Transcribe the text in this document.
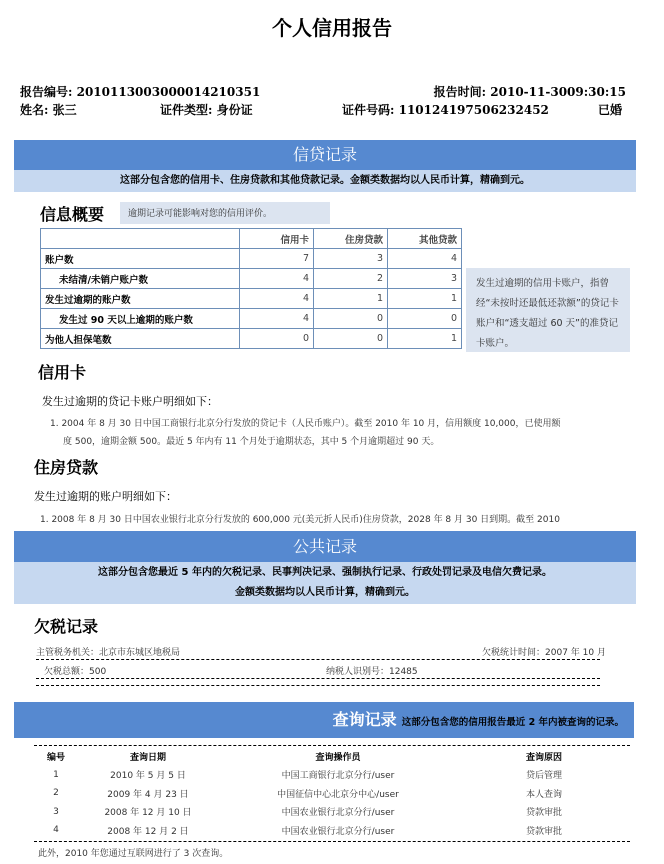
个人信用报告
报告编号: 2010113003000014210351	报告时间: 2010-11-3009:30:15
姓名: 张三	证件类型: 身份证	证件号码: 110124197506232452	已婚
信贷记录
这部分包含您的信用卡、住房贷款和其他贷款记录。金额类数据均以人民币计算，精确到元。
信息概要	逾期记录可能影响对您的信用评价。
	信用卡	住房贷款	其他贷款
账户数	7	3	4
未结清/未销户账户数	4	2	3
发生过逾期的账户数	4	1	1
发生过 90 天以上逾期的账户数	4	0	0
为他人担保笔数	0	0	1
发生过逾期的信用卡账户，指曾经“未按时还最低还款额”的贷记卡账户和“透支超过 60 天”的准贷记卡账户。
信用卡
发生过逾期的贷记卡账户明细如下：
1. 2004 年 8 月 30 日中国工商银行北京分行发放的贷记卡（人民币账户）。截至 2010 年 10 月，信用额度 10,000，已使用额
度 500，逾期金额 500。最近 5 年内有 11 个月处于逾期状态，其中 5 个月逾期超过 90 天。
住房贷款
发生过逾期的账户明细如下：
1. 2008 年 8 月 30 日中国农业银行北京分行发放的 600,000 元(美元折人民币)住房贷款，2028 年 8 月 30 日到期。截至 2010
公共记录
这部分包含您最近 5 年内的欠税记录、民事判决记录、强制执行记录、行政处罚记录及电信欠费记录。
金额类数据均以人民币计算，精确到元。
欠税记录
主管税务机关：北京市东城区地税局	欠税统计时间：2007 年 10 月
欠税总额：500	纳税人识别号：12485
查询记录 这部分包含您的信用报告最近 2 年内被查询的记录。
编号	查询日期	查询操作员	查询原因
1	2010 年 5 月 5 日	中国工商银行北京分行/user	贷后管理
2	2009 年 4 月 23 日	中国征信中心北京分中心/user	本人查询
3	2008 年 12 月 10 日	中国农业银行北京分行/user	贷款审批
4	2008 年 12 月 2 日	中国农业银行北京分行/user	贷款审批
此外，2010 年您通过互联网进行了 3 次查询。
